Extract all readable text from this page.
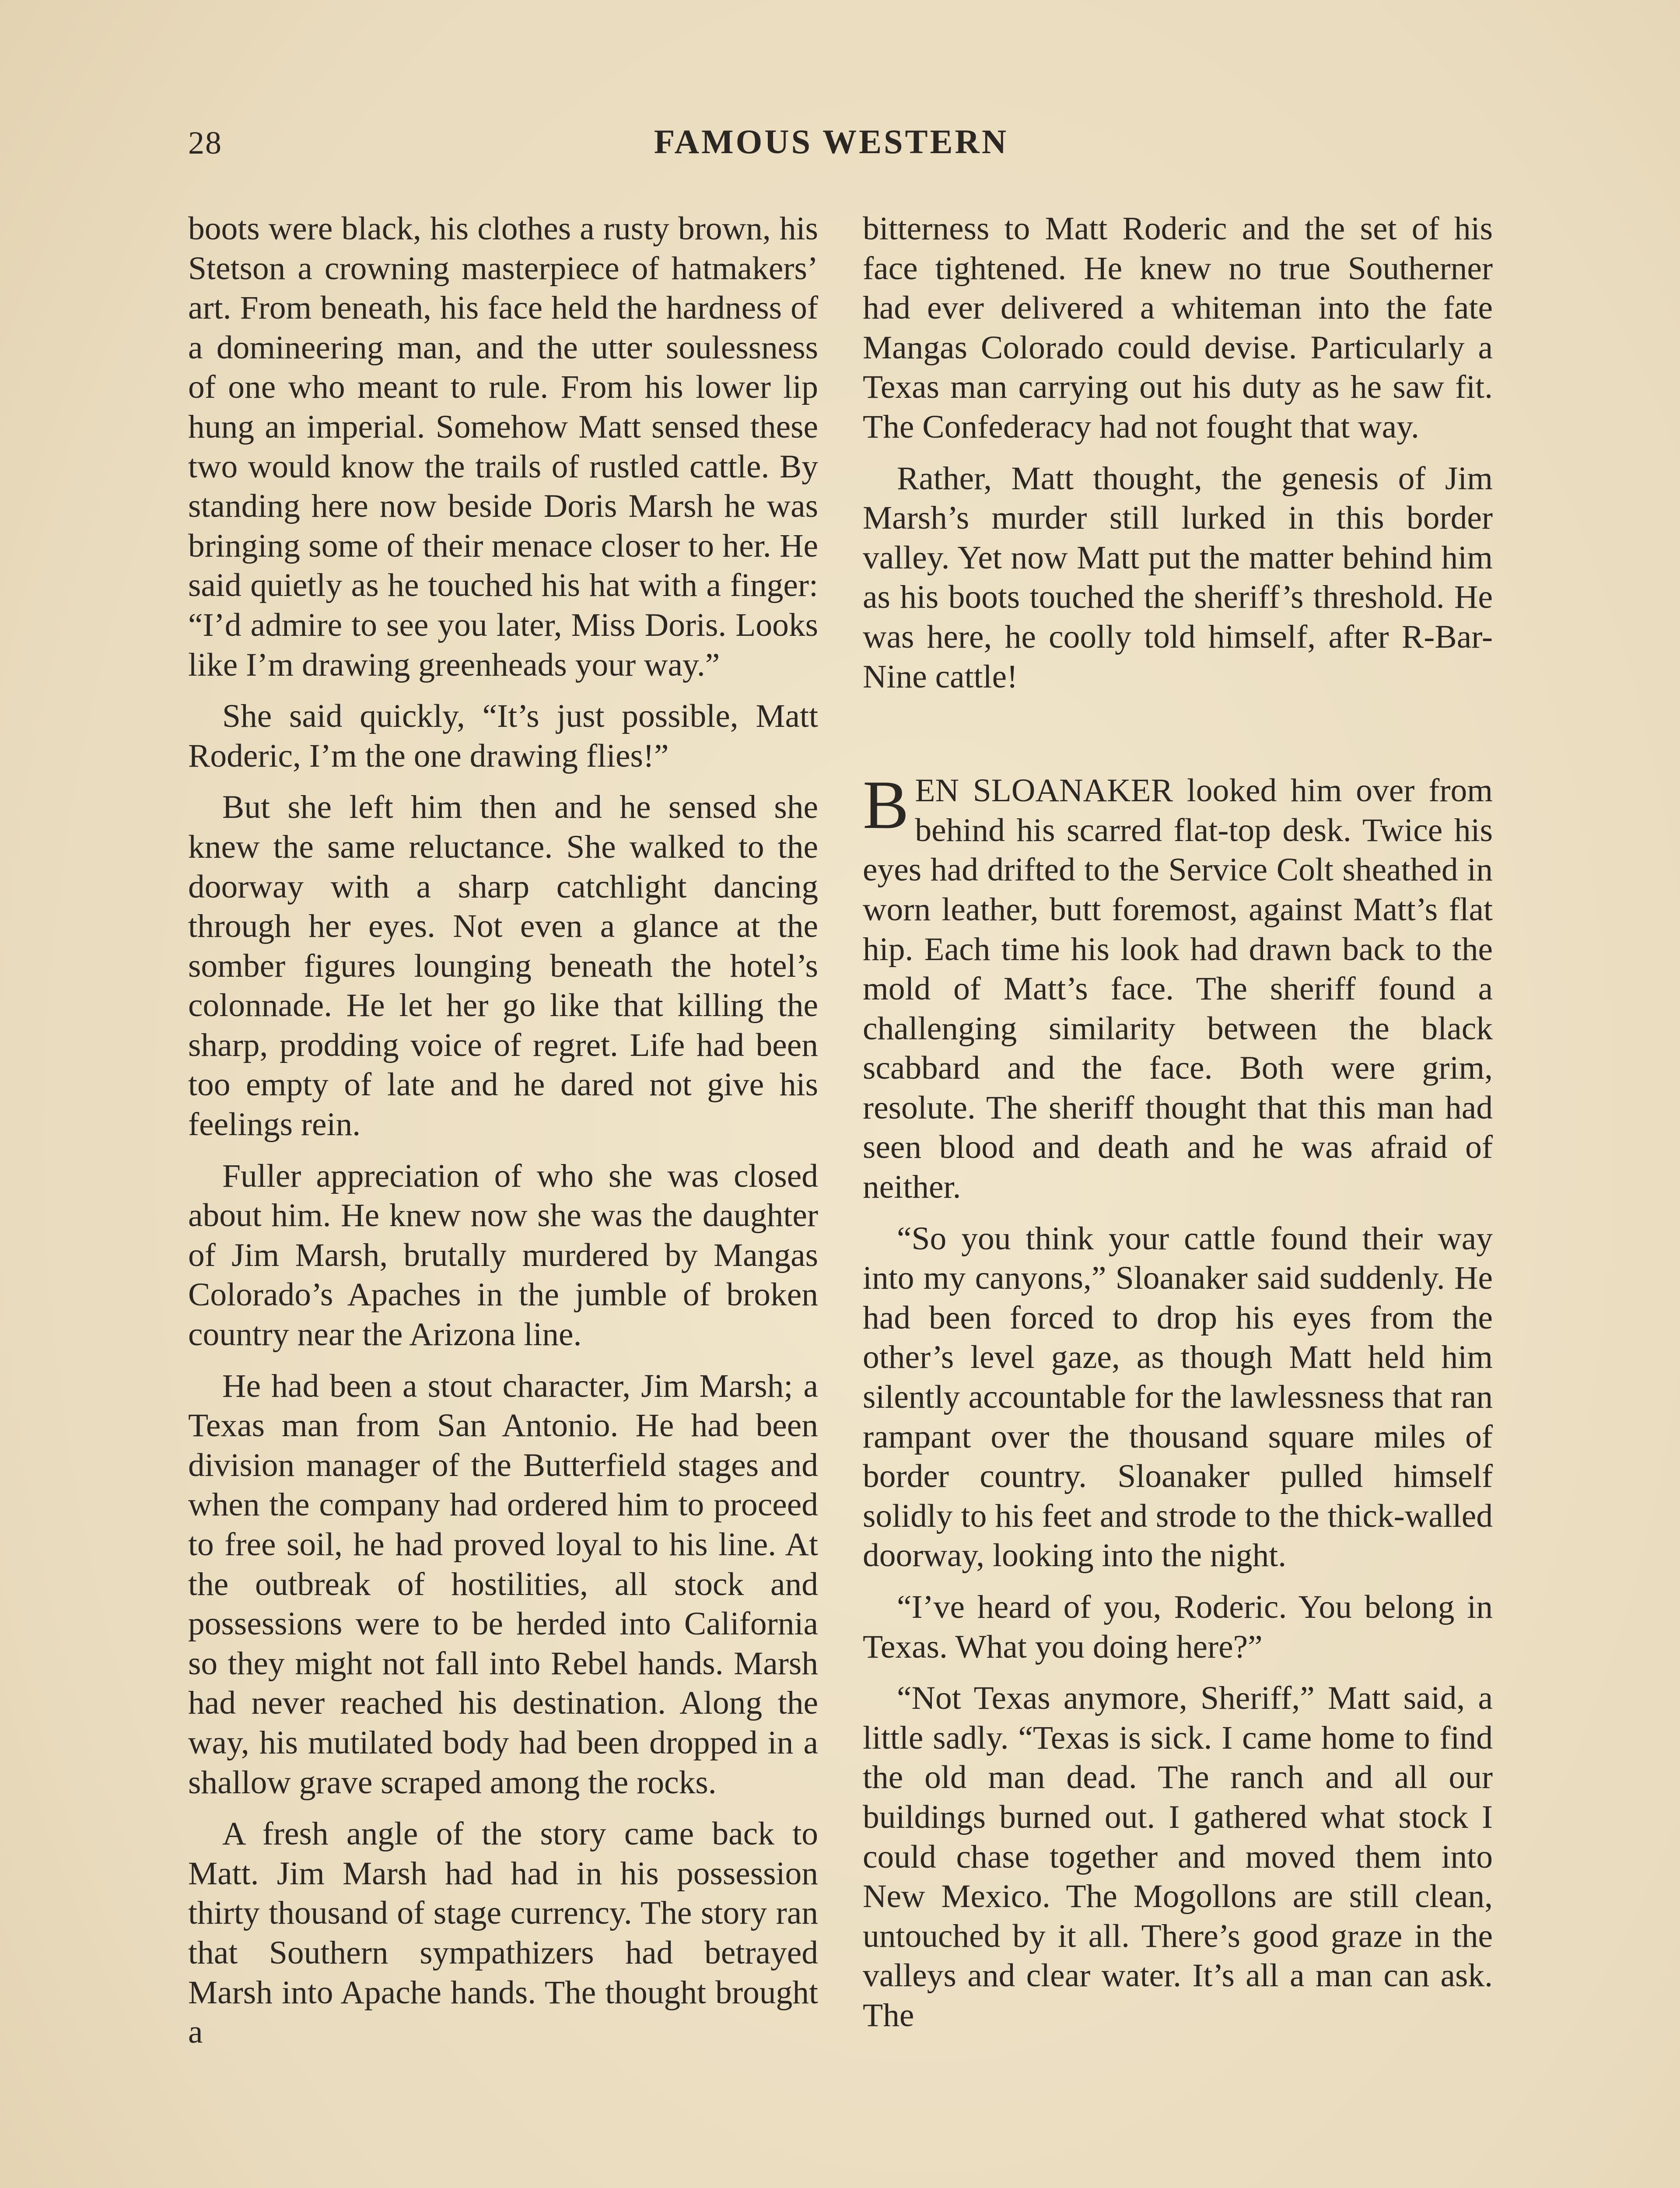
28	FAMOUS WESTERN

boots were black, his clothes a rusty brown, his Stetson a crowning masterpiece of hatmakers’ art. From beneath, his face held the hardness of a domineering man, and the utter soulessness of one who meant to rule. From his lower lip hung an imperial. Somehow Matt sensed these two would know the trails of rustled cattle. By standing here now beside Doris Marsh he was bringing some of their menace closer to her. He said quietly as he touched his hat with a finger: “I’d admire to see you later, Miss Doris. Looks like I’m drawing greenheads your way.”

She said quickly, “It’s just possible, Matt Roderic, I’m the one drawing flies!”

But she left him then and he sensed she knew the same reluctance. She walked to the doorway with a sharp catchlight dancing through her eyes. Not even a glance at the somber figures lounging beneath the hotel’s colonnade. He let her go like that killing the sharp, prodding voice of regret. Life had been too empty of late and he dared not give his feelings rein.

Fuller appreciation of who she was closed about him. He knew now she was the daughter of Jim Marsh, brutally murdered by Mangas Colorado’s Apaches in the jumble of broken country near the Arizona line.

He had been a stout character, Jim Marsh; a Texas man from San Antonio. He had been division manager of the Butterfield stages and when the company had ordered him to proceed to free soil, he had proved loyal to his line. At the outbreak of hostilities, all stock and possessions were to be herded into California so they might not fall into Rebel hands. Marsh had never reached his destination. Along the way, his mutilated body had been dropped in a shallow grave scraped among the rocks.

A fresh angle of the story came back to Matt. Jim Marsh had had in his possession thirty thousand of stage currency. The story ran that Southern sympathizers had betrayed Marsh into Apache hands. The thought brought a

bitterness to Matt Roderic and the set of his face tightened. He knew no true Southerner had ever delivered a whiteman into the fate Mangas Colorado could devise. Particularly a Texas man carrying out his duty as he saw fit. The Confederacy had not fought that way.

Rather, Matt thought, the genesis of Jim Marsh’s murder still lurked in this border valley. Yet now Matt put the matter behind him as his boots touched the sheriff’s threshold. He was here, he coolly told himself, after R-Bar-Nine cattle!

BEN SLOANAKER looked him over from behind his scarred flat-top desk. Twice his eyes had drifted to the Service Colt sheathed in worn leather, butt foremost, against Matt’s flat hip. Each time his look had drawn back to the mold of Matt’s face. The sheriff found a challenging similarity between the black scabbard and the face. Both were grim, resolute. The sheriff thought that this man had seen blood and death and he was afraid of neither.

“So you think your cattle found their way into my canyons,” Sloanaker said suddenly. He had been forced to drop his eyes from the other’s level gaze, as though Matt held him silently accountable for the lawlessness that ran rampant over the thousand square miles of border country. Sloanaker pulled himself solidly to his feet and strode to the thick-walled doorway, looking into the night.

“I’ve heard of you, Roderic. You belong in Texas. What you doing here?”

“Not Texas anymore, Sheriff,” Matt said, a little sadly. “Texas is sick. I came home to find the old man dead. The ranch and all our buildings burned out. I gathered what stock I could chase together and moved them into New Mexico. The Mogollons are still clean, untouched by it all. There’s good graze in the valleys and clear water. It’s all a man can ask. The
